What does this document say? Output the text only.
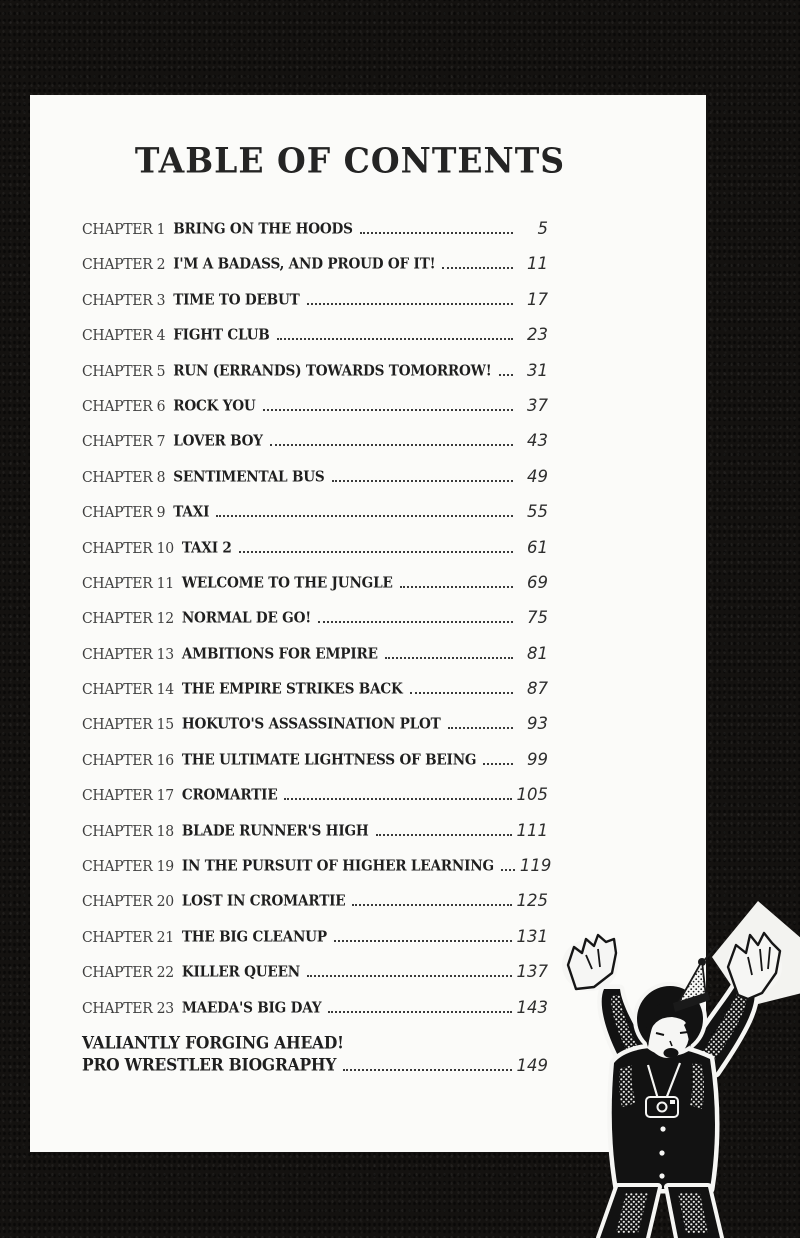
TABLE OF CONTENTS
CHAPTER 1 BRING ON THE HOODS	5
CHAPTER 2 I'M A BADASS, AND PROUD OF IT!	11
CHAPTER 3 TIME TO DEBUT	17
CHAPTER 4 FIGHT CLUB	23
CHAPTER 5 RUN (ERRANDS) TOWARDS TOMORROW!	31
CHAPTER 6 ROCK YOU	37
CHAPTER 7 LOVER BOY	43
CHAPTER 8 SENTIMENTAL BUS	49
CHAPTER 9 TAXI	55
CHAPTER 10 TAXI 2	61
CHAPTER 11 WELCOME TO THE JUNGLE	69
CHAPTER 12 NORMAL DE GO!	75
CHAPTER 13 AMBITIONS FOR EMPIRE	81
CHAPTER 14 THE EMPIRE STRIKES BACK	87
CHAPTER 15 HOKUTO'S ASSASSINATION PLOT	93
CHAPTER 16 THE ULTIMATE LIGHTNESS OF BEING	99
CHAPTER 17 CROMARTIE	105
CHAPTER 18 BLADE RUNNER'S HIGH	111
CHAPTER 19 IN THE PURSUIT OF HIGHER LEARNING 119
CHAPTER 20 LOST IN CROMARTIE	125
CHAPTER 21 THE BIG CLEANUP	131
CHAPTER 22 KILLER QUEEN	137
CHAPTER 23 MAEDA'S BIG DAY	143
VALIANTLY FORGING AHEAD!
PRO WRESTLER BIOGRAPHY	149
